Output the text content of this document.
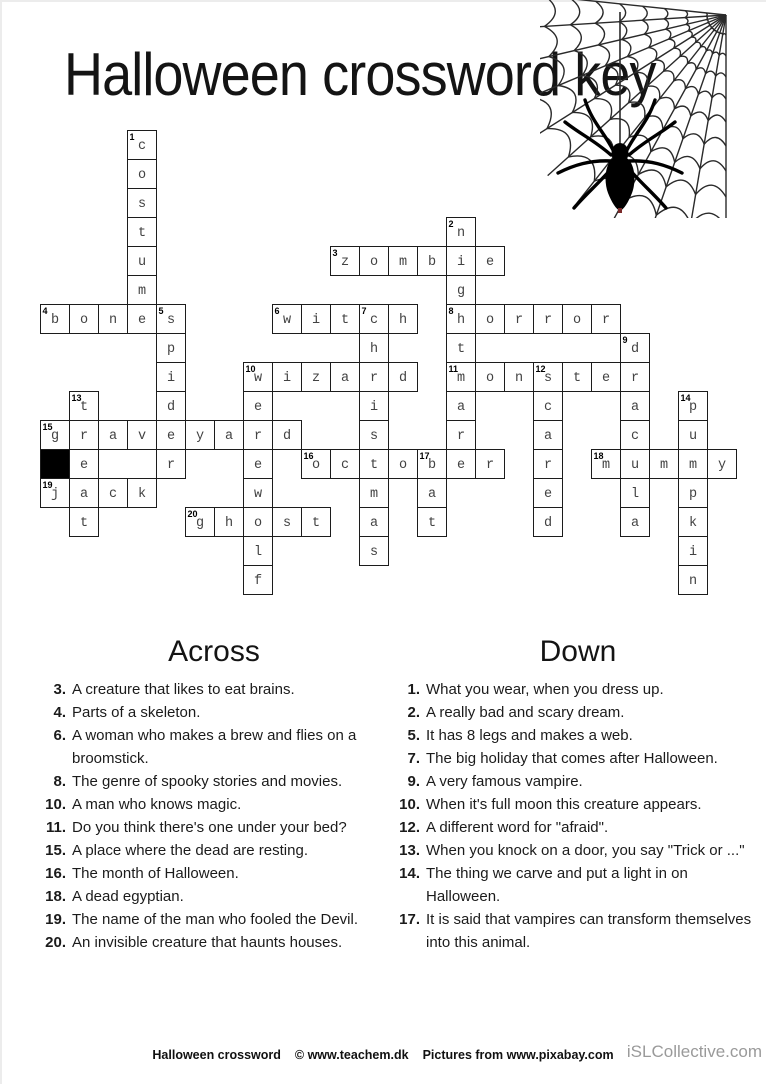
Halloween crossword key
1
c
o
s
t
2
n
u
3
z	o	m	b	i	e
m	g
4
b	o	n	e
5
s
6
w	i	t
7
c	h
8
h	o	r	r	o	r
p	h	t
9
d
i
10
w	i	z	a	r	d
11
m	o	n
12
s	t	e	r
13
t	d	e	i	a	c	a
14
p
15
g	r	a	v	e	y	a	r	d	s	r	a	c	u
e	r	e
16
o	c	t	o
17
b	e	r	r
18
m	u	m	m	y
19
j	a	c	k	w	m	a	e	l	p
t
20
g	h	o	s	t	a	t	d	a	k
l	s	i
f	n
Across
3. A creature that likes to eat brains.
4. Parts of a skeleton.
6. A woman who makes a brew and flies on a broomstick.
8. The genre of spooky stories and movies.
10. A man who knows magic.
11. Do you think there's one under your bed?
15. A place where the dead are resting.
16. The month of Halloween.
18. A dead egyptian.
19. The name of the man who fooled the Devil.
20. An invisible creature that haunts houses.
Down
1. What you wear, when you dress up.
2. A really bad and scary dream.
5. It has 8 legs and makes a web.
7. The big holiday that comes after Halloween.
9. A very famous vampire.
10. When it's full moon this creature appears.
12. A different word for "afraid".
13. When you knock on a door, you say "Trick or ..."
14. The thing we carve and put a light in on Halloween.
17. It is said that vampires can transform themselves into this animal.
Halloween crossword © www.teachem.dk Pictures from www.pixabay.com iSLCollective.com
